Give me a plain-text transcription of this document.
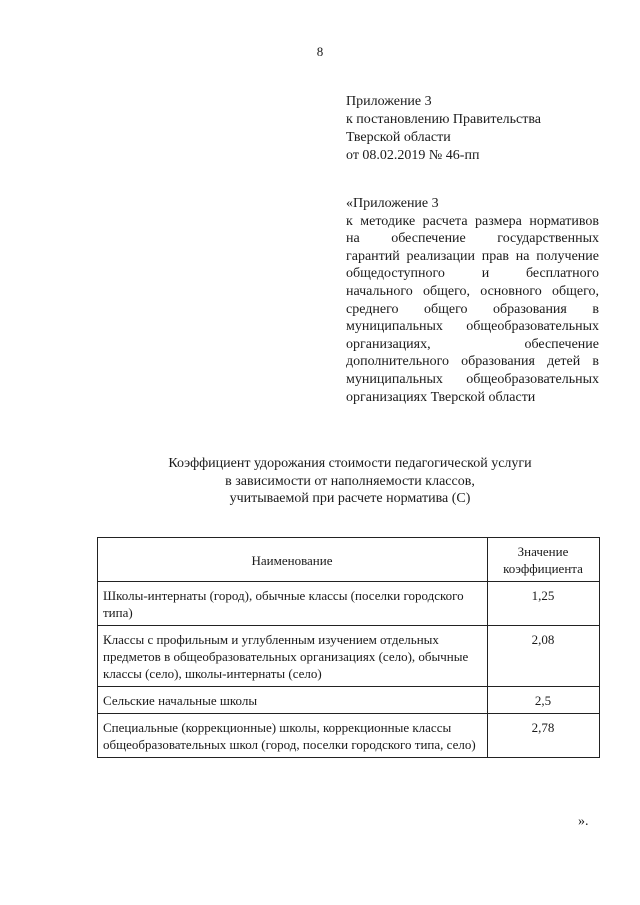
8
Приложение 3
к постановлению Правительства
Тверской области
от 08.02.2019 № 46-пп
«Приложение 3
к методике расчета размера нормативов на обеспечение государственных гарантий реализации прав на получение общедоступного и бесплатного начального общего, основного общего, среднего общего образования в муниципальных общеобразовательных организациях, обеспечение дополнительного образования детей в муниципальных общеобразовательных организациях Тверской области
Коэффициент удорожания стоимости педагогической услуги
в зависимости от наполняемости классов,
учитываемой при расчете норматива (С)
Наименование	Значение
коэффициента

Школы-интернаты (город), обычные классы (поселки городского типа)	1,25
Классы с профильным и углубленным изучением отдельных предметов в общеобразовательных организациях (село), обычные классы (село), школы-интернаты (село)	2,08
Сельские начальные школы	2,5
Специальные (коррекционные) школы, коррекционные классы общеобразовательных школ (город, поселки городского типа, село)	2,78
».
